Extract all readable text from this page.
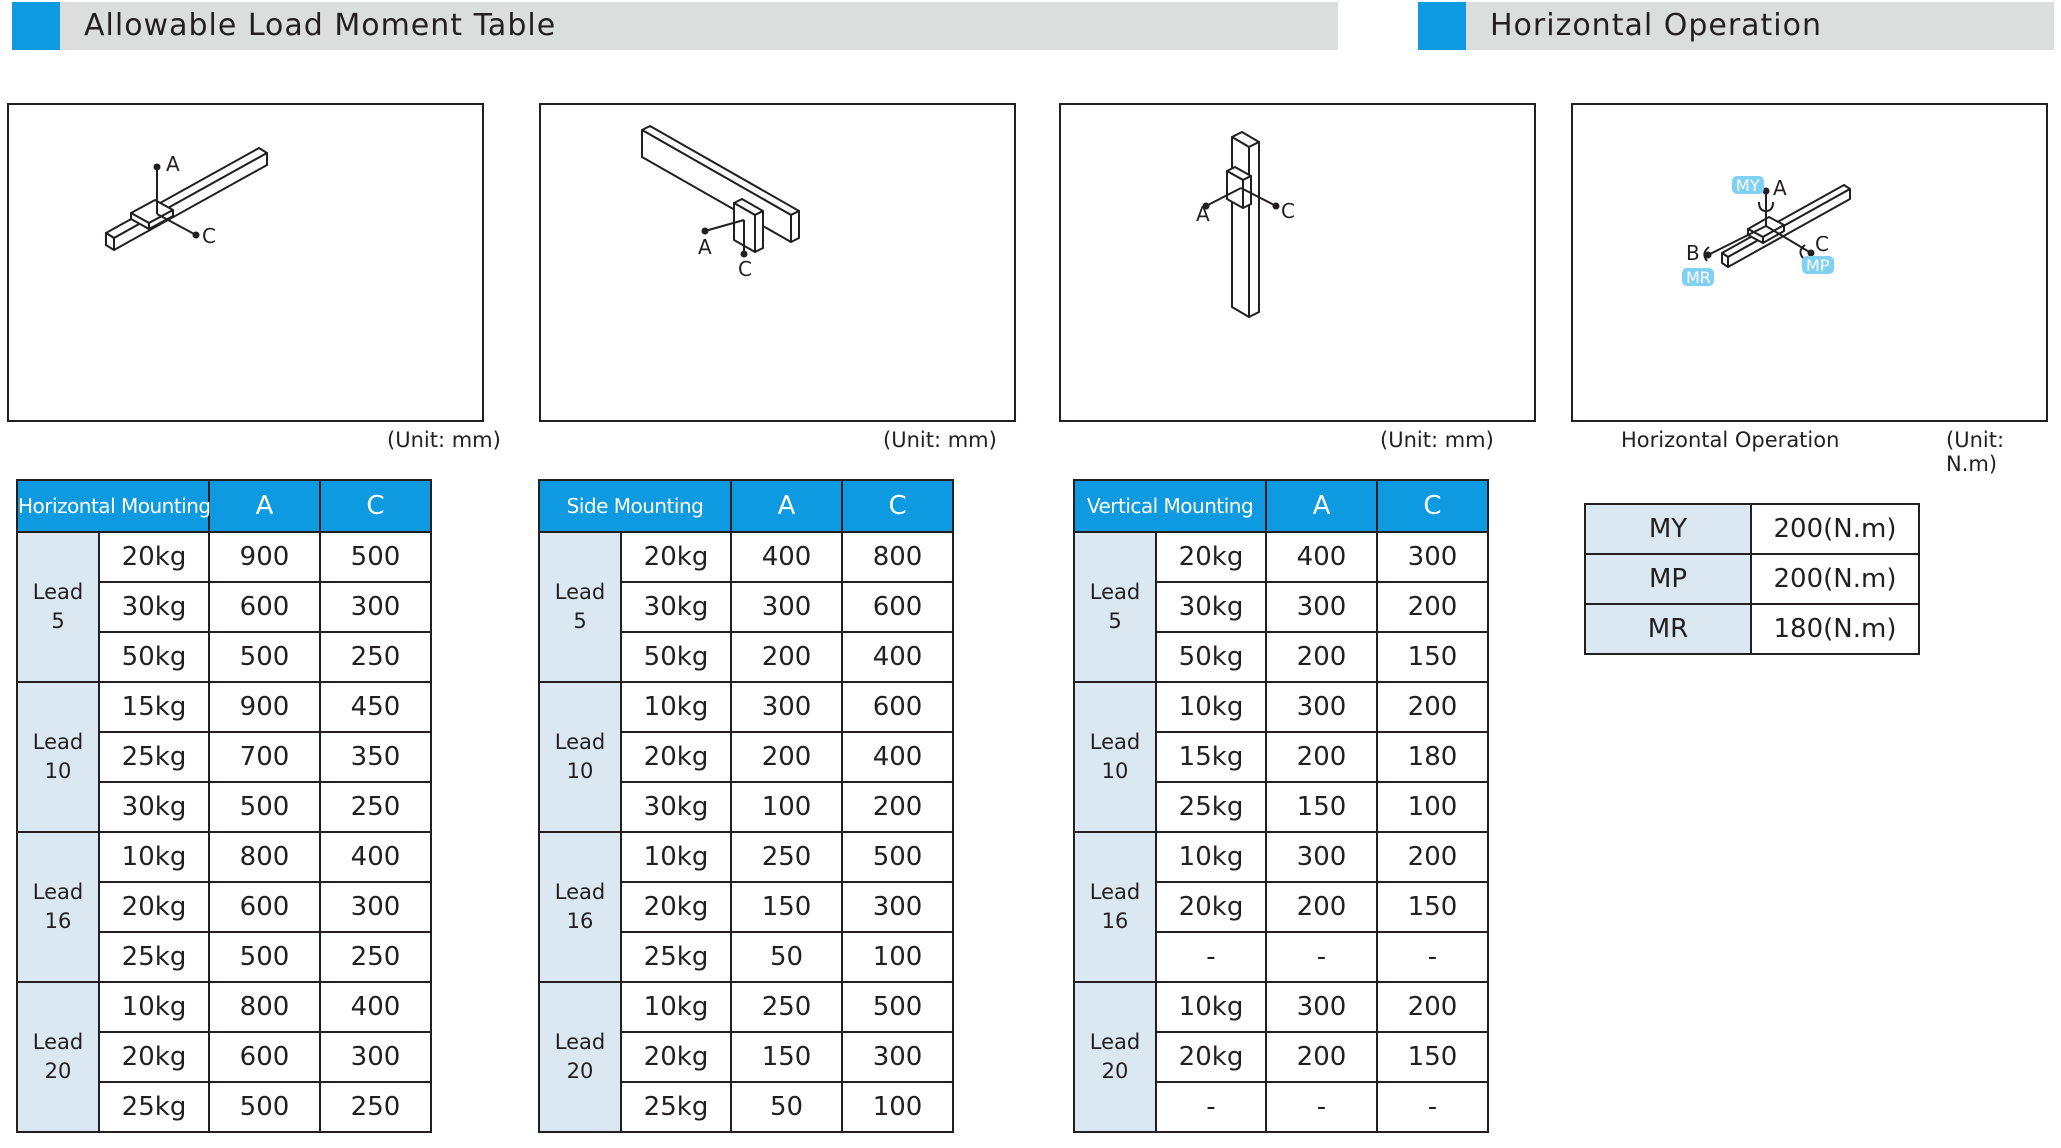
Allowable Load Moment Table	Horizontal Operation
A
C
(Unit: mm)
A
C
(Unit: mm)
A	C
(Unit: mm)
A
B	C
MY
MR
MP
Horizontal Operation	(Unit: N.m)
Horizontal Mounting		A	C

Lead
5	20kg	900	500
	30kg	600	300
	50kg	500	250

Lead
10	15kg	900	450
	25kg	700	350
	30kg	500	250

Lead
16	10kg	800	400
	20kg	600	300
	25kg	500	250

Lead
20	10kg	800	400
	20kg	600	300
	25kg	500	250
Side Mounting		A	C

Lead
5	20kg	400	800
	30kg	300	600
	50kg	200	400

Lead
10	10kg	300	600
	20kg	200	400
	30kg	100	200

Lead
16	10kg	250	500
	20kg	150	300
	25kg	50	100

Lead
20	10kg	250	500
	20kg	150	300
	25kg	50	100
Vertical Mounting		A	C

Lead
5	20kg	400	300
	30kg	300	200
	50kg	200	150

Lead
10	10kg	300	200
	15kg	200	180
	25kg	150	100

Lead
16	10kg	300	200
	20kg	200	150
	-	-	-

Lead
20	10kg	300	200
	20kg	200	150
	-	-	-
MY	200(N.m)
MP	200(N.m)
MR	180(N.m)
